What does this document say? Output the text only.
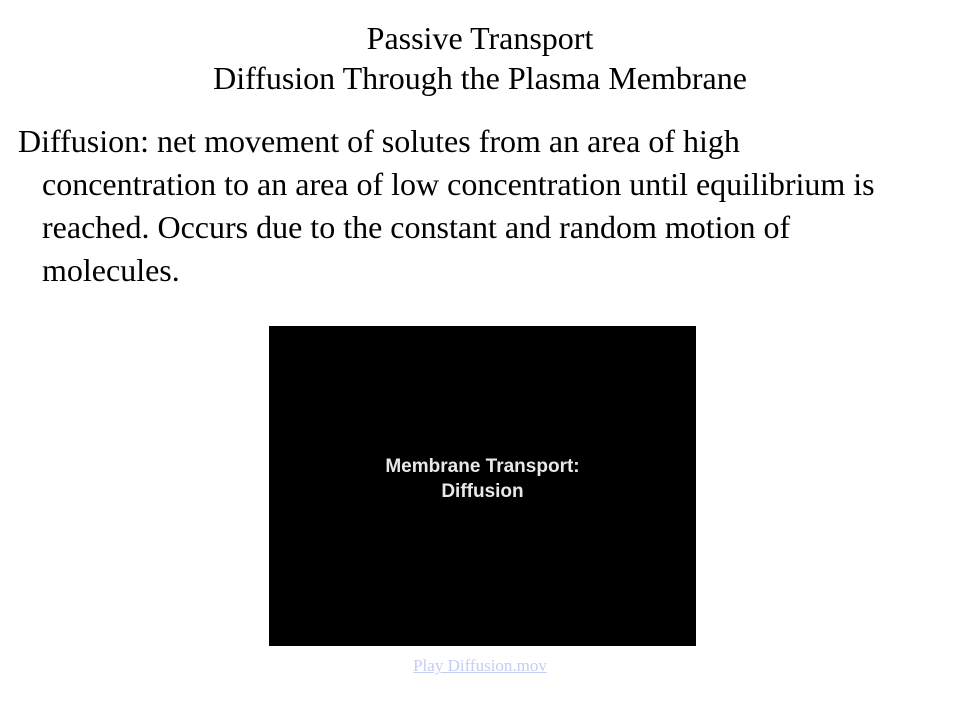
Passive Transport
Diffusion Through the Plasma Membrane
Diffusion: net movement of solutes from an area of high concentration to an area of low concentration until equilibrium is reached. Occurs due to the constant and random motion of molecules.
Membrane Transport:
Diffusion
Play Diffusion.mov
